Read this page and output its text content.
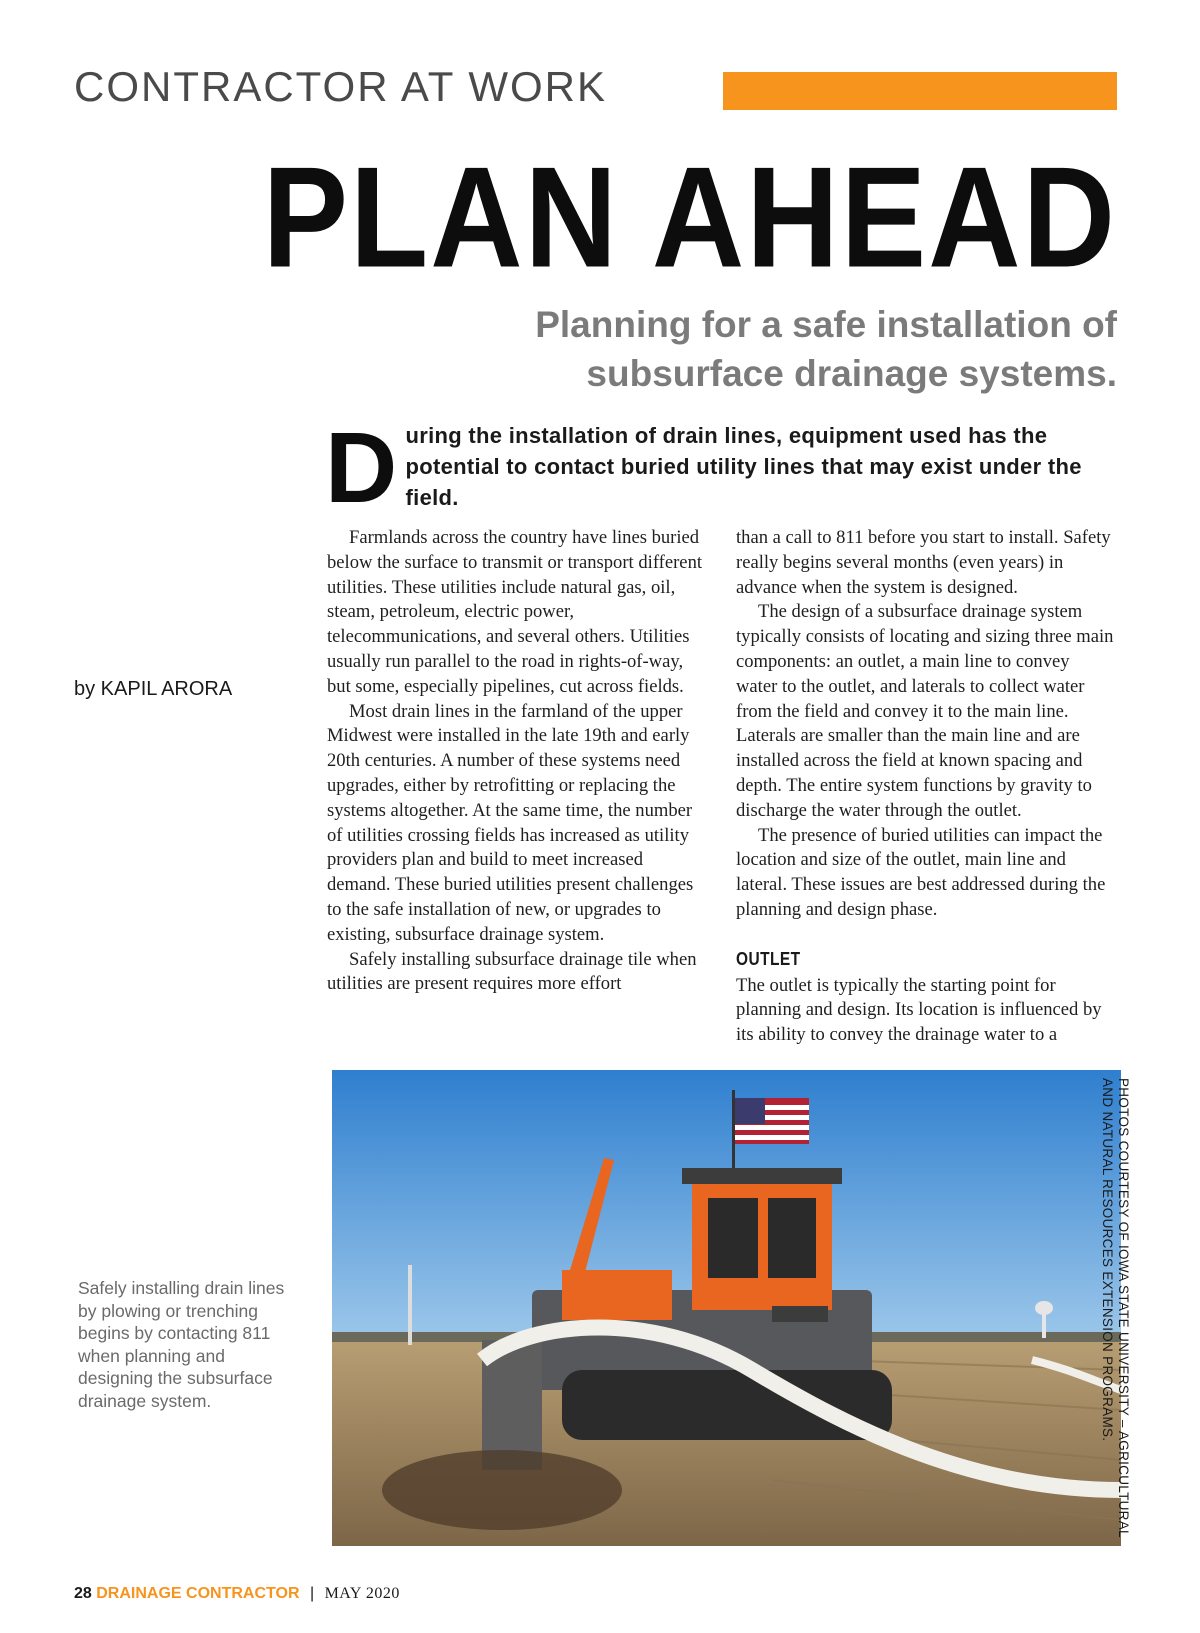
CONTRACTOR AT WORK
PLAN AHEAD
Planning for a safe installation of
subsurface drainage systems.
During the installation of drain lines, equipment used has the potential to contact buried utility lines that may exist under the field.
by KAPIL ARORA

Farmlands across the country have lines buried below the surface to transmit or transport different utilities. These utilities include natural gas, oil, steam, petroleum, electric power, telecommunications, and several others. Utilities usually run parallel to the road in rights-of-way, but some, especially pipelines, cut across fields.

Most drain lines in the farmland of the upper Midwest were installed in the late 19th and early 20th centuries. A number of these systems need upgrades, either by retrofitting or replacing the systems altogether. At the same time, the number of utilities crossing fields has increased as utility providers plan and build to meet increased demand. These buried utilities present challenges to the safe installation of new, or upgrades to existing, subsurface drainage system.

Safely installing subsurface drainage tile when utilities are present requires more effort

than a call to 811 before you start to install. Safety really begins several months (even years) in advance when the system is designed.

The design of a subsurface drainage system typically consists of locating and sizing three main components: an outlet, a main line to convey water to the outlet, and laterals to collect water from the field and convey it to the main line. Laterals are smaller than the main line and are installed across the field at known spacing and depth. The entire system functions by gravity to discharge the water through the outlet.

The presence of buried utilities can impact the location and size of the outlet, main line and lateral. These issues are best addressed during the planning and design phase.

OUTLET

The outlet is typically the starting point for planning and design. Its location is influenced by its ability to convey the drainage water to a

Safely installing drain lines by plowing or trenching begins by contacting 811 when planning and designing the subsurface drainage system.	PHOTOS COURTESY OF IOWA STATE UNIVERSITY – AGRICULTURAL
AND NATURAL RESOURCES EXTENSION PROGRAMS.
28 DRAINAGE CONTRACTOR | MAY 2020
